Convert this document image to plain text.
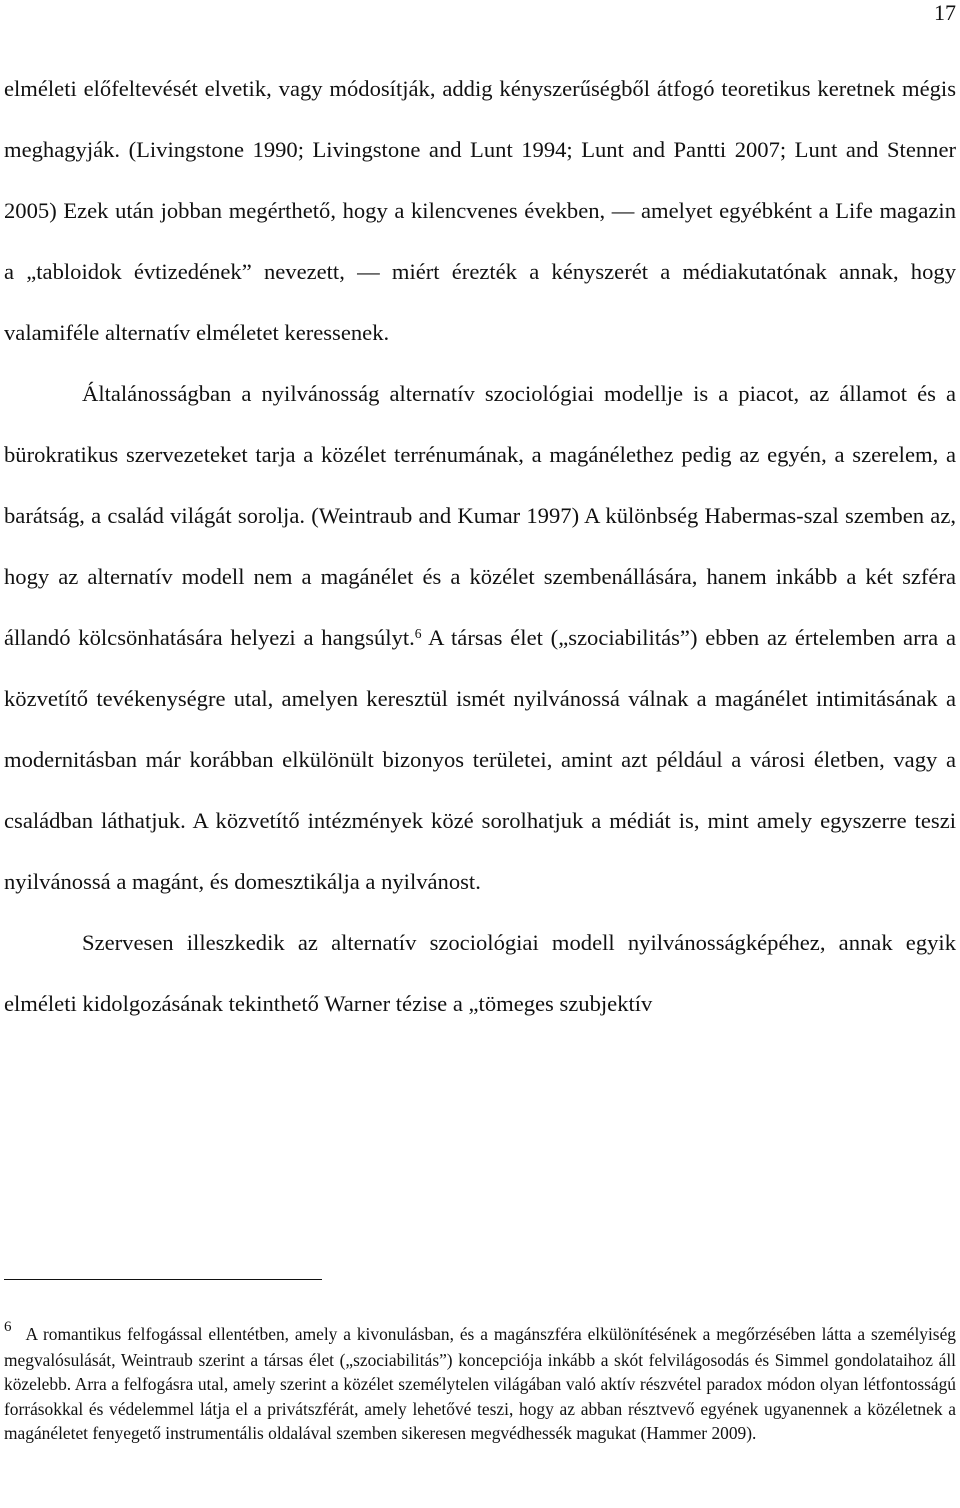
17

elméleti előfeltevését elvetik, vagy módosítják, addig kényszerűségből átfogó teoretikus keretnek mégis meghagyják. (Livingstone 1990; Livingstone and Lunt 1994; Lunt and Pantti 2007; Lunt and Stenner 2005) Ezek után jobban megérthető, hogy a kilencvenes években, — amelyet egyébként a Life magazin a „tabloidok évtizedének” nevezett, — miért érezték a kényszerét a médiakutatónak annak, hogy valamiféle alternatív elméletet keressenek.

Általánosságban a nyilvánosság alternatív szociológiai modellje is a piacot, az államot és a bürokratikus szervezeteket tarja a közélet terrénumának, a magánélethez pedig az egyén, a szerelem, a barátság, a család világát sorolja. (Weintraub and Kumar 1997) A különbség Habermas-szal szemben az, hogy az alternatív modell nem a magánélet és a közélet szembenállására, hanem inkább a két szféra állandó kölcsönhatására helyezi a hangsúlyt.$^6$ A társas élet („szociabilitás”) ebben az értelemben arra a közvetítő tevékenységre utal, amelyen keresztül ismét nyilvánossá válnak a magánélet intimitásának a modernitásban már korábban elkülönült bizonyos területei, amint azt például a városi életben, vagy a családban láthatjuk. A közvetítő intézmények közé sorolhatjuk a médiát is, mint amely egyszerre teszi nyilvánossá a magánt, és domesztikálja a nyilvánost.

Szervesen illeszkedik az alternatív szociológiai modell nyilvánosságképéhez, annak egyik elméleti kidolgozásának tekinthető Warner tézise a „tömeges szubjektív

6 A romantikus felfogással ellentétben, amely a kivonulásban, és a magánszféra elkülönítésének a megőrzésében látta a személyiség megvalósulását, Weintraub szerint a társas élet („szociabilitás”) koncepciója inkább a skót felvilágosodás és Simmel gondolataihoz áll közelebb. Arra a felfogásra utal, amely szerint a közélet személytelen világában való aktív részvétel paradox módon olyan létfontosságú forrásokkal és védelemmel látja el a privátszférát, amely lehetővé teszi, hogy az abban résztvevő egyének ugyanennek a közéletnek a magánéletet fenyegető instrumentális oldalával szemben sikeresen megvédhessék magukat (Hammer 2009).
